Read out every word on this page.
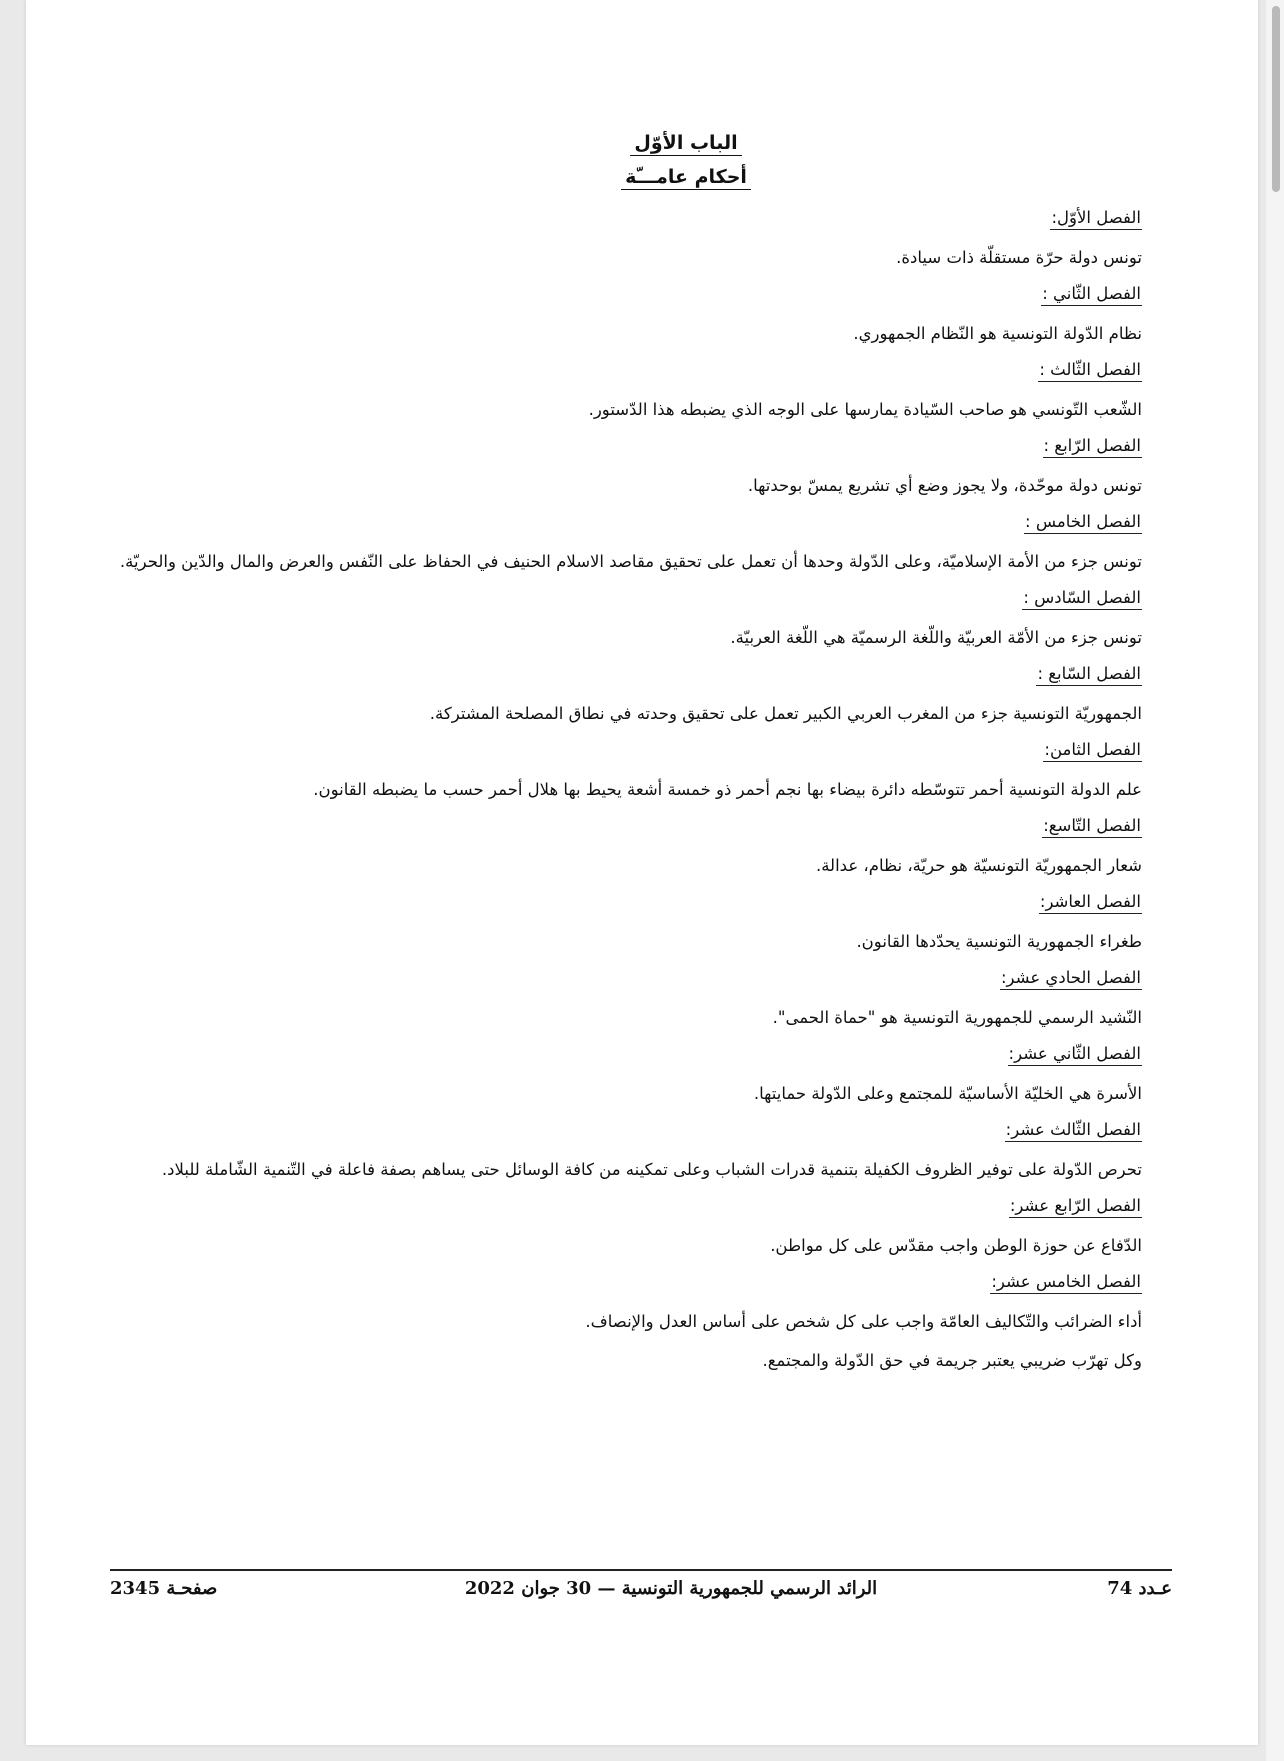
الباب الأوّل
أحكام عامـــّة
الفصل الأوّل:

تونس دولة حرّة مستقلّة ذات سيادة.

الفصل الثّاني :

نظام الدّولة التونسية هو النّظام الجمهوري.

الفصل الثّالث :

الشّعب التّونسي هو صاحب السّيادة يمارسها على الوجه الذي يضبطه هذا الدّستور.

الفصل الرّابع :

تونس دولة موحّدة، ولا يجوز وضع أي تشريع يمسّ بوحدتها.

الفصل الخامس :

تونس جزء من الأمة الإسلاميّة، وعلى الدّولة وحدها أن تعمل على تحقيق مقاصد الاسلام الحنيف في الحفاظ على النّفس والعرض والمال والدّين والحريّة.

الفصل السّادس :

تونس جزء من الأمّة العربيّة واللّغة الرسميّة هي اللّغة العربيّة.

الفصل السّابع :

الجمهوريّة التونسية جزء من المغرب العربي الكبير تعمل على تحقيق وحدته في نطاق المصلحة المشتركة.

الفصل الثامن:

علم الدولة التونسية أحمر تتوسّطه دائرة بيضاء بها نجم أحمر ذو خمسة أشعة يحيط بها هلال أحمر حسب ما يضبطه القانون.

الفصل التّاسع:

شعار الجمهوريّة التونسيّة هو حريّة، نظام، عدالة.

الفصل العاشر:

طغراء الجمهورية التونسية يحدّدها القانون.

الفصل الحادي عشر:

النّشيد الرسمي للجمهورية التونسية هو "حماة الحمى".

الفصل الثّاني عشر:

الأسرة هي الخليّة الأساسيّة للمجتمع وعلى الدّولة حمايتها.

الفصل الثّالث عشر:

تحرص الدّولة على توفير الظروف الكفيلة بتنمية قدرات الشباب وعلى تمكينه من كافة الوسائل حتى يساهم بصفة فاعلة في التّنمية الشّاملة للبلاد.

الفصل الرّابع عشر:

الدّفاع عن حوزة الوطن واجب مقدّس على كل مواطن.

الفصل الخامس عشر:

أداء الضرائب والتّكاليف العامّة واجب على كل شخص على أساس العدل والإنصاف.

وكل تهرّب ضريبي يعتبر جريمة في حق الدّولة والمجتمع.

عـدد 74
الرائد الرسمي للجمهورية التونسية — 30 جوان 2022
صفحـة 2345
